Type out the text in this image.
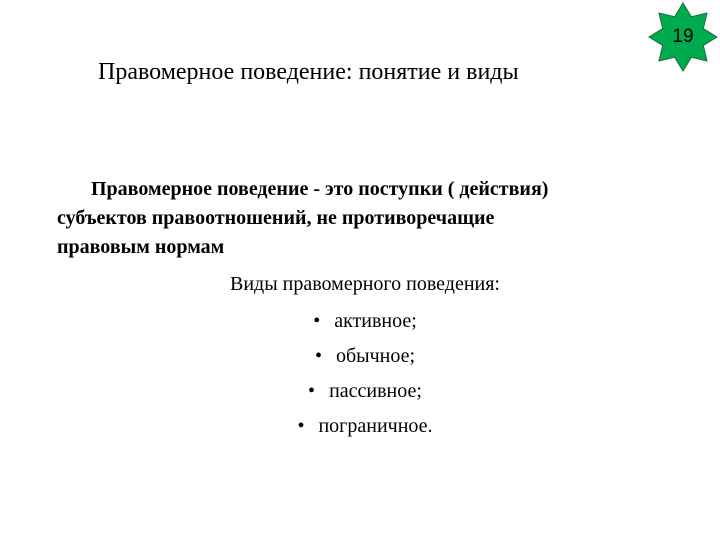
19
Правомерное поведение: понятие и виды

Правомерное поведение - это поступки ( действия)

субъектов правоотношений, не противоречащие

правовым нормам

Виды правомерного поведения:
• активное;
• обычное;
• пассивное;
• пограничное.
